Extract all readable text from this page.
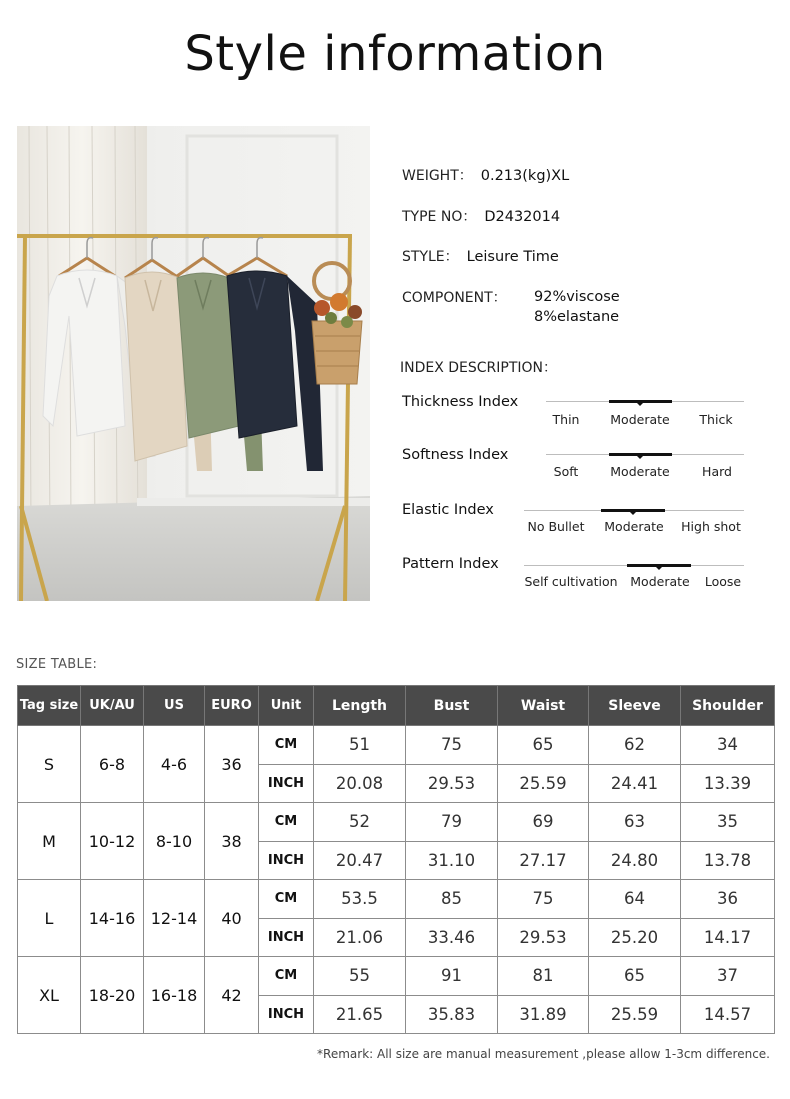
Style information
WEIGHT： 0.213(kg)XL
TYPE NO： D2432014
STYLE： Leisure Time
COMPONENT： 92%viscose
8%elastane
INDEX DESCRIPTION：
Thickness Index
Thin Moderate Thick
Softness Index
Soft	Moderate	Hard
Elastic Index
No Bullet Moderate High shot
Pattern Index
Self cultivation Moderate Loose
SIZE TABLE:
Tag size	UK/AU	US	EURO	Unit	Length	Bust	Waist	Sleeve	Shoulder
S	6-8	4-6	36	CM	51	75	65	62	34
				INCH	20.08	29.53	25.59	24.41	13.39
M	10-12	8-10	38	CM	52	79	69	63	35
				INCH	20.47	31.10	27.17	24.80	13.78
L	14-16	12-14	40	CM	53.5	85	75	64	36
				INCH	21.06	33.46	29.53	25.20	14.17
XL	18-20	16-18	42	CM	55	91	81	65	37
				INCH	21.65	35.83	31.89	25.59	14.57
*Remark: All size are manual measurement ,please allow 1-3cm difference.
